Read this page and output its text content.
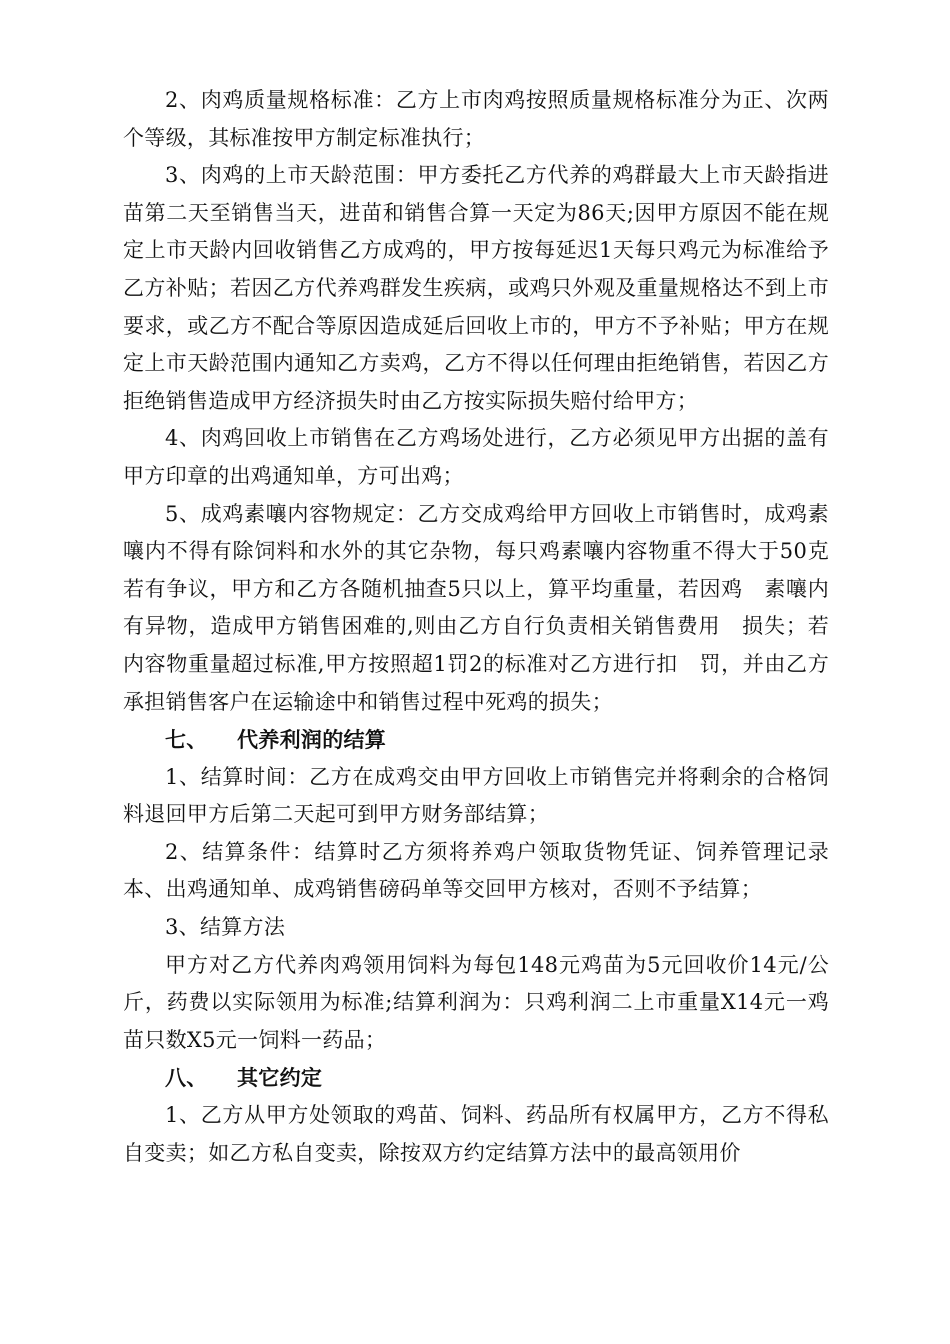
2、肉鸡质量规格标准：乙方上市肉鸡按照质量规格标准分为正、次两个等级，其标准按甲方制定标准执行；

3、肉鸡的上市天龄范围：甲方委托乙方代养的鸡群最大上市天龄指进苗第二天至销售当天，进苗和销售合算一天定为86天;因甲方原因不能在规定上市天龄内回收销售乙方成鸡的，甲方按每延迟1天每只鸡元为标准给予乙方补贴；若因乙方代养鸡群发生疾病，或鸡只外观及重量规格达不到上市要求，或乙方不配合等原因造成延后回收上市的，甲方不予补贴；甲方在规定上市天龄范围内通知乙方卖鸡，乙方不得以任何理由拒绝销售，若因乙方拒绝销售造成甲方经济损失时由乙方按实际损失赔付给甲方；

4、肉鸡回收上市销售在乙方鸡场处进行，乙方必须见甲方出据的盖有甲方印章的出鸡通知单，方可出鸡；

5、成鸡素嚷内容物规定：乙方交成鸡给甲方回收上市销售时，成鸡素嚷内不得有除饲料和水外的其它杂物，每只鸡素嚷内容物重不得大于50克若有争议，甲方和乙方各随机抽查5只以上，算平均重量，若因鸡　素嚷内有异物，造成甲方销售困难的,则由乙方自行负责相关销售费用　损失；若内容物重量超过标准,甲方按照超1罚2的标准对乙方进行扣　罚，并由乙方承担销售客户在运输途中和销售过程中死鸡的损失；

七、 代养利润的结算

1、结算时间：乙方在成鸡交由甲方回收上市销售完并将剩余的合格饲料退回甲方后第二天起可到甲方财务部结算；

2、结算条件：结算时乙方须将养鸡户领取货物凭证、饲养管理记录本、出鸡通知单、成鸡销售磅码单等交回甲方核对，否则不予结算；

3、结算方法

甲方对乙方代养肉鸡领用饲料为每包148元鸡苗为5元回收价14元/公斤，药费以实际领用为标准;结算利润为：只鸡利润二上市重量X14元一鸡苗只数X5元一饲料一药品；

八、 其它约定

1、乙方从甲方处领取的鸡苗、饲料、药品所有权属甲方，乙方不得私自变卖；如乙方私自变卖，除按双方约定结算方法中的最高领用价
